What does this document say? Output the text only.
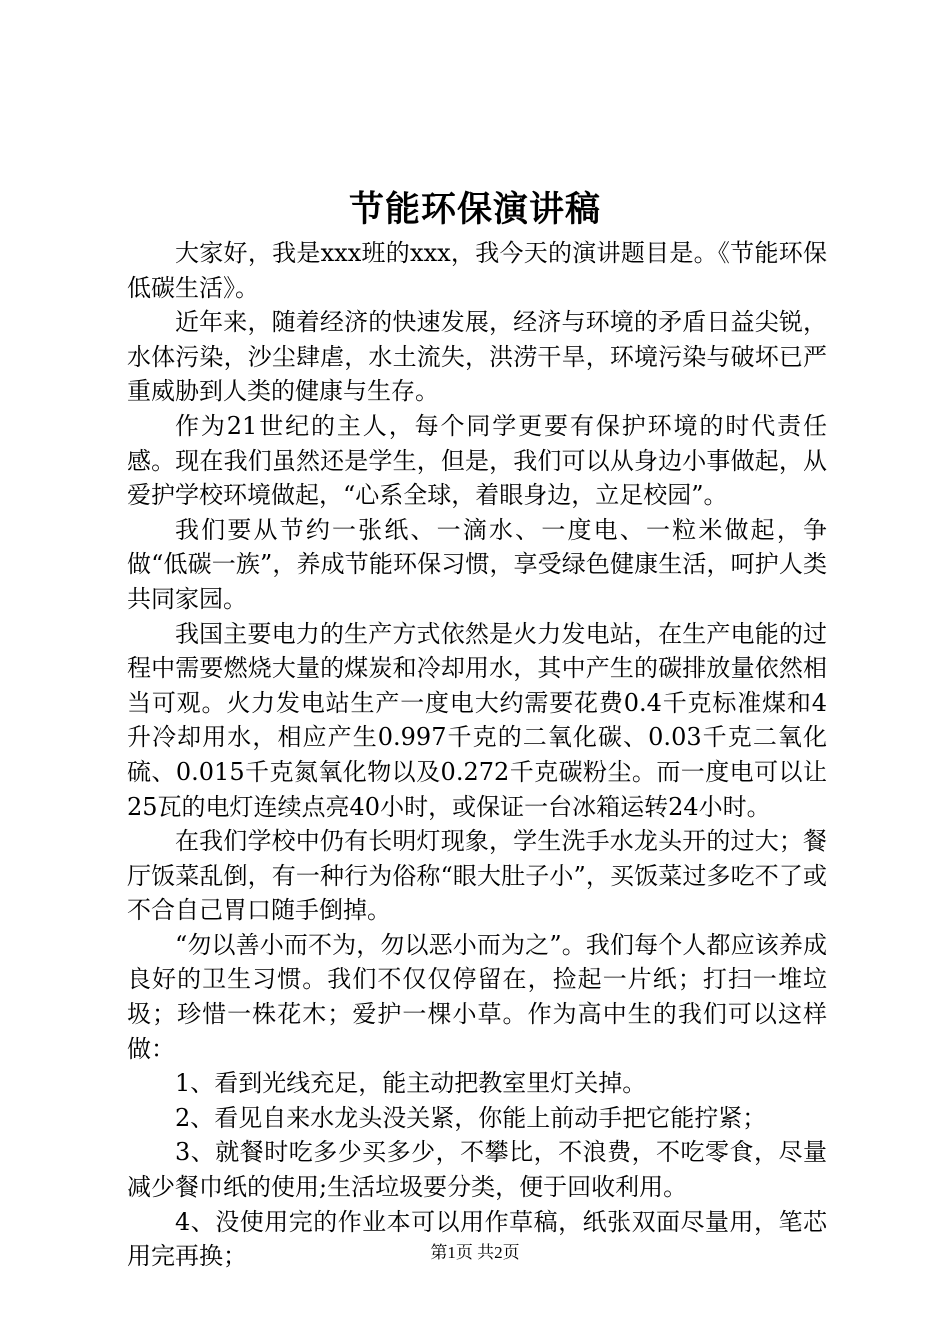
节能环保演讲稿

大家好，我是xxx班的xxx，我今天的演讲题目是。《节能环保低碳生活》。

近年来，随着经济的快速发展，经济与环境的矛盾日益尖锐，水体污染，沙尘肆虐，水土流失，洪涝干旱，环境污染与破坏已严重威胁到人类的健康与生存。

作为21世纪的主人，每个同学更要有保护环境的时代责任感。现在我们虽然还是学生，但是，我们可以从身边小事做起，从爱护学校环境做起，“心系全球，着眼身边，立足校园”。

我们要从节约一张纸、一滴水、一度电、一粒米做起，争做“低碳一族”，养成节能环保习惯，享受绿色健康生活，呵护人类共同家园。

我国主要电力的生产方式依然是火力发电站，在生产电能的过程中需要燃烧大量的煤炭和冷却用水，其中产生的碳排放量依然相当可观。火力发电站生产一度电大约需要花费0.4千克标准煤和4升冷却用水，相应产生0.997千克的二氧化碳、0.03千克二氧化硫、0.015千克氮氧化物以及0.272千克碳粉尘。而一度电可以让25瓦的电灯连续点亮40小时，或保证一台冰箱运转24小时。

在我们学校中仍有长明灯现象，学生洗手水龙头开的过大；餐厅饭菜乱倒，有一种行为俗称“眼大肚子小”，买饭菜过多吃不了或不合自己胃口随手倒掉。

“勿以善小而不为，勿以恶小而为之”。我们每个人都应该养成良好的卫生习惯。我们不仅仅停留在，捡起一片纸；打扫一堆垃圾；珍惜一株花木；爱护一棵小草。作为高中生的我们可以这样做：

1、看到光线充足，能主动把教室里灯关掉。

2、看见自来水龙头没关紧，你能上前动手把它能拧紧；

3、就餐时吃多少买多少，不攀比，不浪费，不吃零食，尽量减少餐巾纸的使用;生活垃圾要分类，便于回收利用。

4、没使用完的作业本可以用作草稿，纸张双面尽量用，笔芯用完再换；	第1页 共2页
